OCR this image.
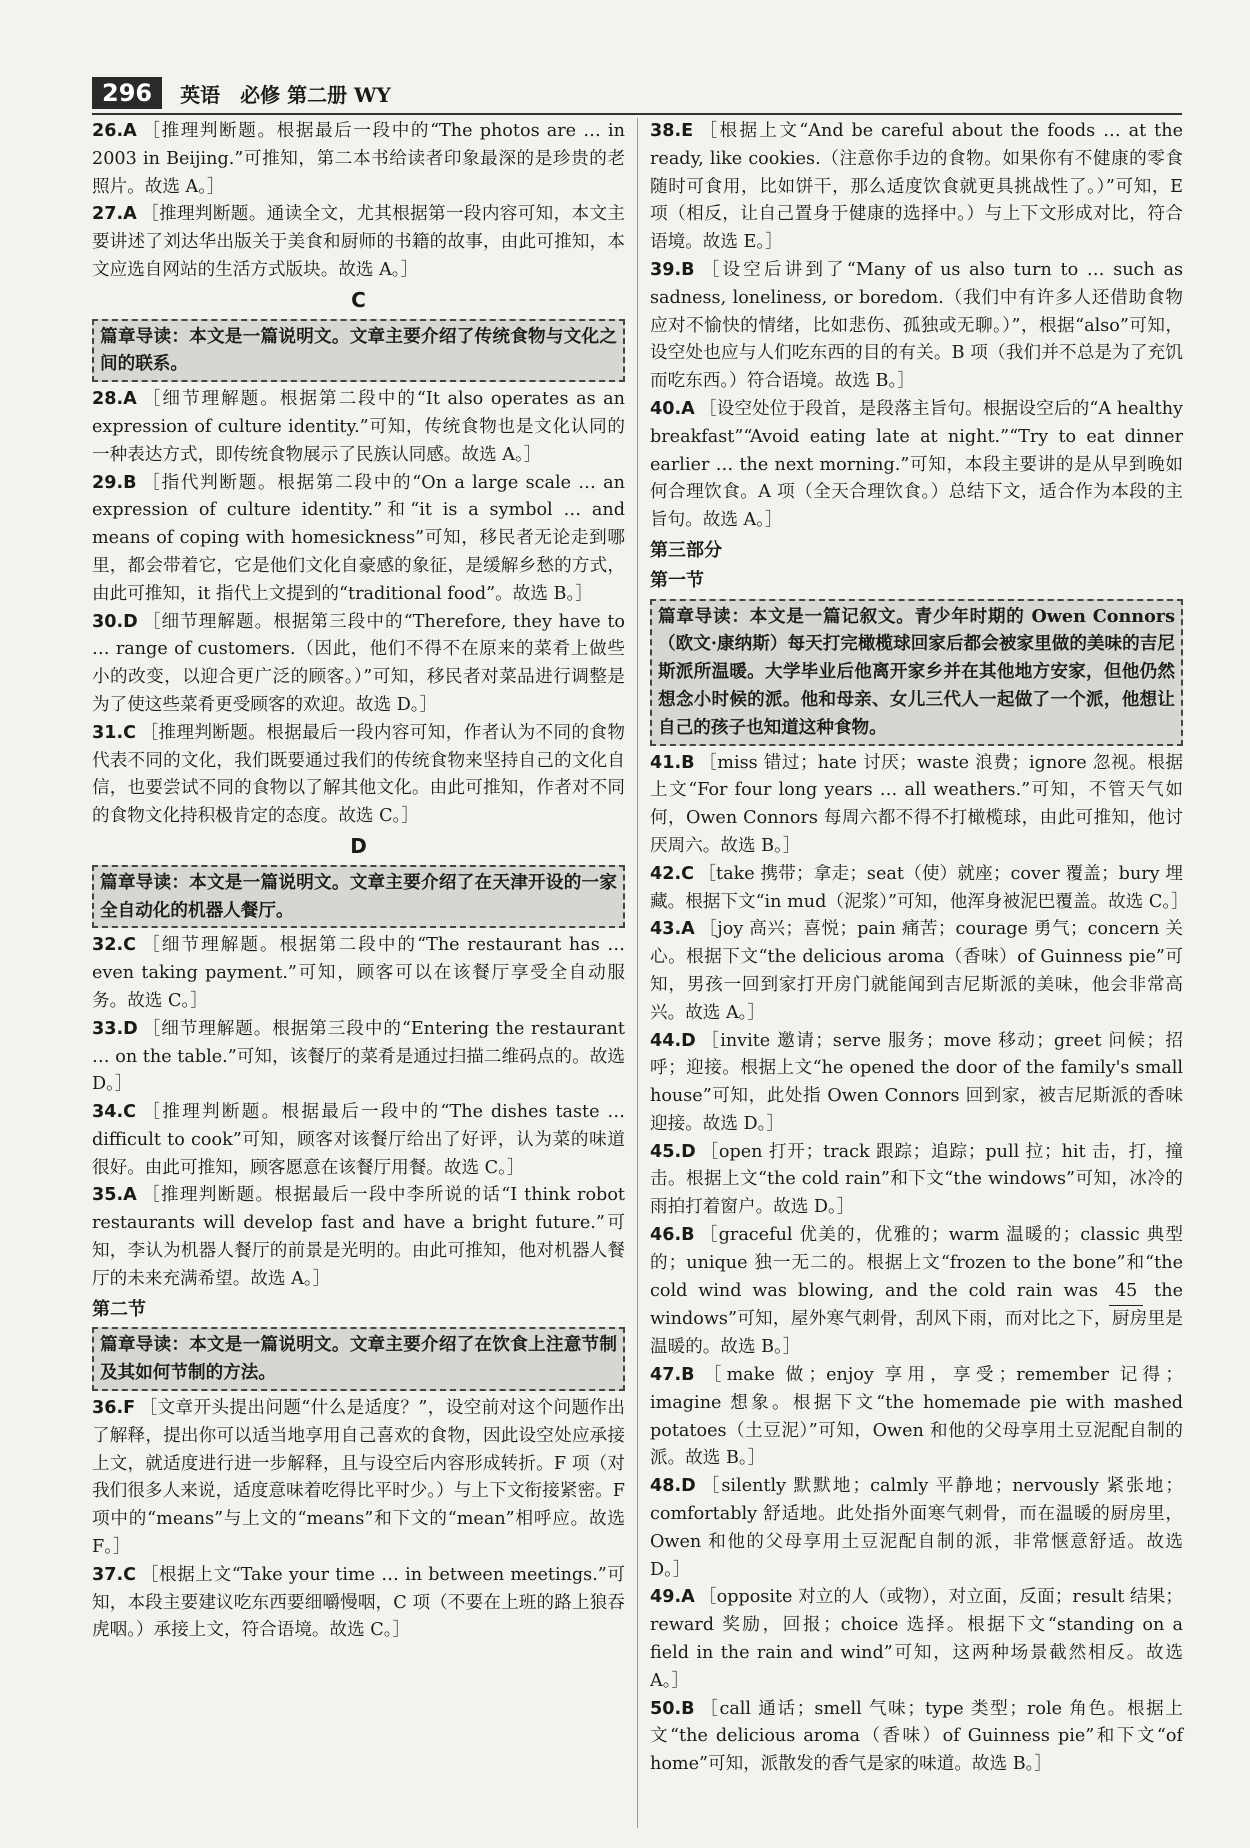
296	英语　必修 第二册 WY

26.A ［推理判断题。根据最后一段中的“The photos are … in 2003 in Beijing.”可推知，第二本书给读者印象最深的是珍贵的老照片。故选 A。］

27.A ［推理判断题。通读全文，尤其根据第一段内容可知，本文主要讲述了刘达华出版关于美食和厨师的书籍的故事，由此可推知，本文应选自网站的生活方式版块。故选 A。］

C
篇章导读：本文是一篇说明文。文章主要介绍了传统食物与文化之间的联系。

28.A ［细节理解题。根据第二段中的“It also operates as an expression of culture identity.”可知，传统食物也是文化认同的一种表达方式，即传统食物展示了民族认同感。故选 A。］

29.B ［指代判断题。根据第二段中的“On a large scale … an expression of culture identity.”和“it is a symbol … and means of coping with homesickness”可知，移民者无论走到哪里，都会带着它，它是他们文化自豪感的象征，是缓解乡愁的方式，由此可推知，it 指代上文提到的“traditional food”。故选 B。］

30.D ［细节理解题。根据第三段中的“Therefore, they have to … range of customers.（因此，他们不得不在原来的菜肴上做些小的改变，以迎合更广泛的顾客。）”可知，移民者对菜品进行调整是为了使这些菜肴更受顾客的欢迎。故选 D。］

31.C ［推理判断题。根据最后一段内容可知，作者认为不同的食物代表不同的文化，我们既要通过我们的传统食物来坚持自己的文化自信，也要尝试不同的食物以了解其他文化。由此可推知，作者对不同的食物文化持积极肯定的态度。故选 C。］

D
篇章导读：本文是一篇说明文。文章主要介绍了在天津开设的一家全自动化的机器人餐厅。

32.C ［细节理解题。根据第二段中的“The restaurant has … even taking payment.”可知，顾客可以在该餐厅享受全自动服务。故选 C。］

33.D ［细节理解题。根据第三段中的“Entering the restaurant … on the table.”可知，该餐厅的菜肴是通过扫描二维码点的。故选 D。］

34.C ［推理判断题。根据最后一段中的“The dishes taste … difficult to cook”可知，顾客对该餐厅给出了好评，认为菜的味道很好。由此可推知，顾客愿意在该餐厅用餐。故选 C。］

35.A ［推理判断题。根据最后一段中李所说的话“I think robot restaurants will develop fast and have a bright future.”可知，李认为机器人餐厅的前景是光明的。由此可推知，他对机器人餐厅的未来充满希望。故选 A。］

第二节
篇章导读：本文是一篇说明文。文章主要介绍了在饮食上注意节制及其如何节制的方法。

36.F ［文章开头提出问题“什么是适度？”，设空前对这个问题作出了解释，提出你可以适当地享用自己喜欢的食物，因此设空处应承接上文，就适度进行进一步解释，且与设空后内容形成转折。F 项（对我们很多人来说，适度意味着吃得比平时少。）与上下文衔接紧密。F 项中的“means”与上文的“means”和下文的“mean”相呼应。故选 F。］

37.C ［根据上文“Take your time … in between meetings.”可知，本段主要建议吃东西要细嚼慢咽，C 项（不要在上班的路上狼吞虎咽。）承接上文，符合语境。故选 C。］

38.E ［根据上文“And be careful about the foods … at the ready, like cookies.（注意你手边的食物。如果你有不健康的零食随时可食用，比如饼干，那么适度饮食就更具挑战性了。）”可知，E 项（相反，让自己置身于健康的选择中。）与上下文形成对比，符合语境。故选 E。］

39.B ［设空后讲到了“Many of us also turn to … such as sadness, loneliness, or boredom.（我们中有许多人还借助食物应对不愉快的情绪，比如悲伤、孤独或无聊。）”，根据“also”可知，设空处也应与人们吃东西的目的有关。B 项（我们并不总是为了充饥而吃东西。）符合语境。故选 B。］

40.A ［设空处位于段首，是段落主旨句。根据设空后的“A healthy breakfast”“Avoid eating late at night.”“Try to eat dinner earlier … the next morning.”可知，本段主要讲的是从早到晚如何合理饮食。A 项（全天合理饮食。）总结下文，适合作为本段的主旨句。故选 A。］

第三部分
第一节
篇章导读：本文是一篇记叙文。青少年时期的 Owen Connors（欧文·康纳斯）每天打完橄榄球回家后都会被家里做的美味的吉尼斯派所温暖。大学毕业后他离开家乡并在其他地方安家，但他仍然想念小时候的派。他和母亲、女儿三代人一起做了一个派，他想让自己的孩子也知道这种食物。

41.B ［miss 错过；hate 讨厌；waste 浪费；ignore 忽视。根据上文“For four long years … all weathers.”可知，不管天气如何，Owen Connors 每周六都不得不打橄榄球，由此可推知，他讨厌周六。故选 B。］

42.C ［take 携带；拿走；seat（使）就座；cover 覆盖；bury 埋藏。根据下文“in mud（泥浆）”可知，他浑身被泥巴覆盖。故选 C。］

43.A ［joy 高兴；喜悦；pain 痛苦；courage 勇气；concern 关心。根据下文“the delicious aroma（香味）of Guinness pie”可知，男孩一回到家打开房门就能闻到吉尼斯派的美味，他会非常高兴。故选 A。］

44.D ［invite 邀请；serve 服务；move 移动；greet 问候；招呼；迎接。根据上文“he opened the door of the family's small house”可知，此处指 Owen Connors 回到家，被吉尼斯派的香味迎接。故选 D。］

45.D ［open 打开；track 跟踪；追踪；pull 拉；hit 击，打，撞击。根据上文“the cold rain”和下文“the windows”可知，冰冷的雨拍打着窗户。故选 D。］

46.B ［graceful 优美的，优雅的；warm 温暖的；classic 典型的；unique 独一无二的。根据上文“frozen to the bone”和“the cold wind was blowing, and the cold rain was 45 the windows”可知，屋外寒气刺骨，刮风下雨，而对比之下，厨房里是温暖的。故选 B。］

47.B ［make 做；enjoy 享用，享受；remember 记得；imagine 想象。根据下文“the homemade pie with mashed potatoes（土豆泥）”可知，Owen 和他的父母享用土豆泥配自制的派。故选 B。］

48.D ［silently 默默地；calmly 平静地；nervously 紧张地；comfortably 舒适地。此处指外面寒气刺骨，而在温暖的厨房里，Owen 和他的父母享用土豆泥配自制的派，非常惬意舒适。故选 D。］

49.A ［opposite 对立的人（或物），对立面，反面；result 结果；reward 奖励，回报；choice 选择。根据下文“standing on a field in the rain and wind”可知，这两种场景截然相反。故选 A。］

50.B ［call 通话；smell 气味；type 类型；role 角色。根据上文“the delicious aroma（香味）of Guinness pie”和下文“of home”可知，派散发的香气是家的味道。故选 B。］
